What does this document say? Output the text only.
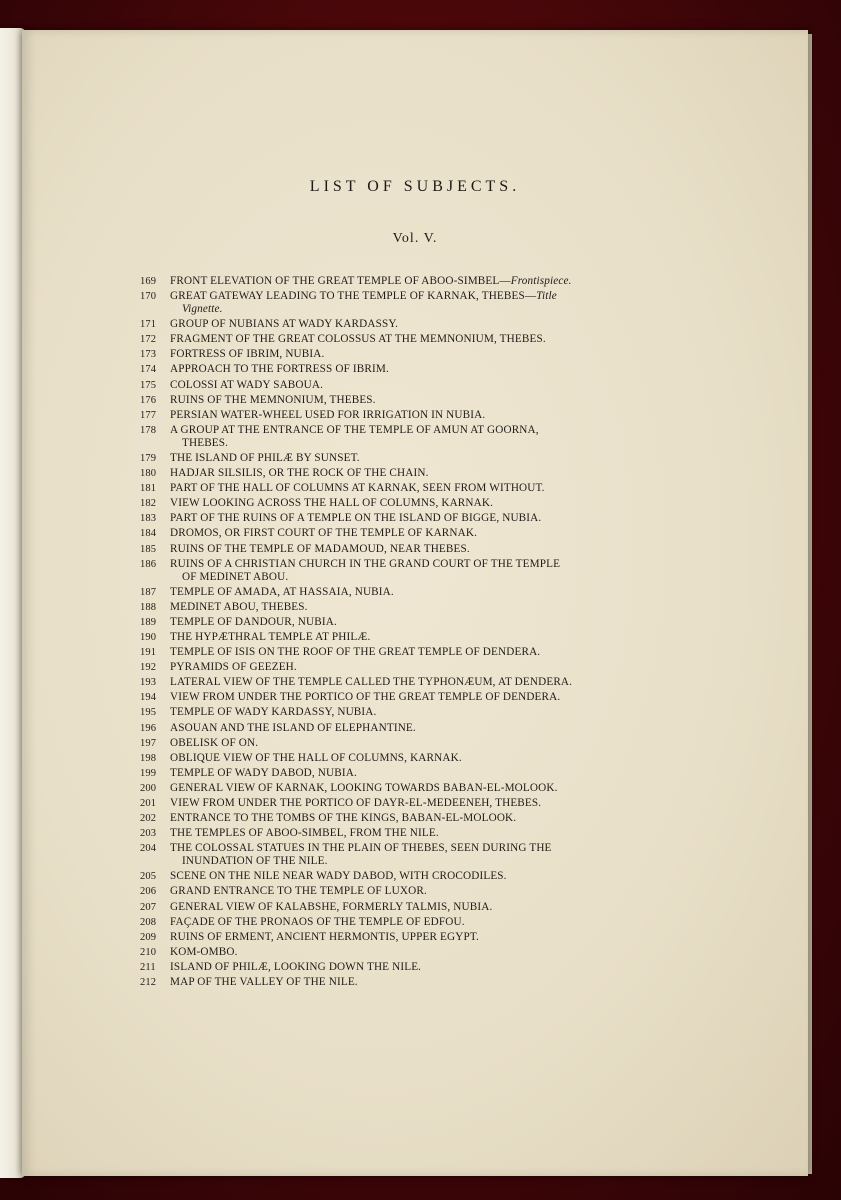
LIST OF SUBJECTS.
Vol. V.
169	FRONT ELEVATION OF THE GREAT TEMPLE OF ABOO-SIMBEL—Frontispiece.
170	GREAT GATEWAY LEADING TO THE TEMPLE OF KARNAK, THEBES—Title
Vignette.
171	GROUP OF NUBIANS AT WADY KARDASSY.
172	FRAGMENT OF THE GREAT COLOSSUS AT THE MEMNONIUM, THEBES.
173	FORTRESS OF IBRIM, NUBIA.
174	APPROACH TO THE FORTRESS OF IBRIM.
175	COLOSSI AT WADY SABOUA.
176	RUINS OF THE MEMNONIUM, THEBES.
177	PERSIAN WATER-WHEEL USED FOR IRRIGATION IN NUBIA.
178	A GROUP AT THE ENTRANCE OF THE TEMPLE OF AMUN AT GOORNA,
THEBES.
179	THE ISLAND OF PHILÆ BY SUNSET.
180	HADJAR SILSILIS, OR THE ROCK OF THE CHAIN.
181	PART OF THE HALL OF COLUMNS AT KARNAK, SEEN FROM WITHOUT.
182	VIEW LOOKING ACROSS THE HALL OF COLUMNS, KARNAK.
183	PART OF THE RUINS OF A TEMPLE ON THE ISLAND OF BIGGE, NUBIA.
184	DROMOS, OR FIRST COURT OF THE TEMPLE OF KARNAK.
185	RUINS OF THE TEMPLE OF MADAMOUD, NEAR THEBES.
186	RUINS OF A CHRISTIAN CHURCH IN THE GRAND COURT OF THE TEMPLE
OF MEDINET ABOU.
187	TEMPLE OF AMADA, AT HASSAIA, NUBIA.
188	MEDINET ABOU, THEBES.
189	TEMPLE OF DANDOUR, NUBIA.
190	THE HYPÆTHRAL TEMPLE AT PHILÆ.
191	TEMPLE OF ISIS ON THE ROOF OF THE GREAT TEMPLE OF DENDERA.
192	PYRAMIDS OF GEEZEH.
193	LATERAL VIEW OF THE TEMPLE CALLED THE TYPHONÆUM, AT DENDERA.
194	VIEW FROM UNDER THE PORTICO OF THE GREAT TEMPLE OF DENDERA.
195	TEMPLE OF WADY KARDASSY, NUBIA.
196	ASOUAN AND THE ISLAND OF ELEPHANTINE.
197	OBELISK OF ON.
198	OBLIQUE VIEW OF THE HALL OF COLUMNS, KARNAK.
199	TEMPLE OF WADY DABOD, NUBIA.
200	GENERAL VIEW OF KARNAK, LOOKING TOWARDS BABAN-EL-MOLOOK.
201	VIEW FROM UNDER THE PORTICO OF DAYR-EL-MEDEENEH, THEBES.
202	ENTRANCE TO THE TOMBS OF THE KINGS, BABAN-EL-MOLOOK.
203	THE TEMPLES OF ABOO-SIMBEL, FROM THE NILE.
204	THE COLOSSAL STATUES IN THE PLAIN OF THEBES, SEEN DURING THE
INUNDATION OF THE NILE.
205	SCENE ON THE NILE NEAR WADY DABOD, WITH CROCODILES.
206	GRAND ENTRANCE TO THE TEMPLE OF LUXOR.
207	GENERAL VIEW OF KALABSHE, FORMERLY TALMIS, NUBIA.
208	FAÇADE OF THE PRONAOS OF THE TEMPLE OF EDFOU.
209	RUINS OF ERMENT, ANCIENT HERMONTIS, UPPER EGYPT.
210	KOM-OMBO.
211	ISLAND OF PHILÆ, LOOKING DOWN THE NILE.
212	MAP OF THE VALLEY OF THE NILE.
